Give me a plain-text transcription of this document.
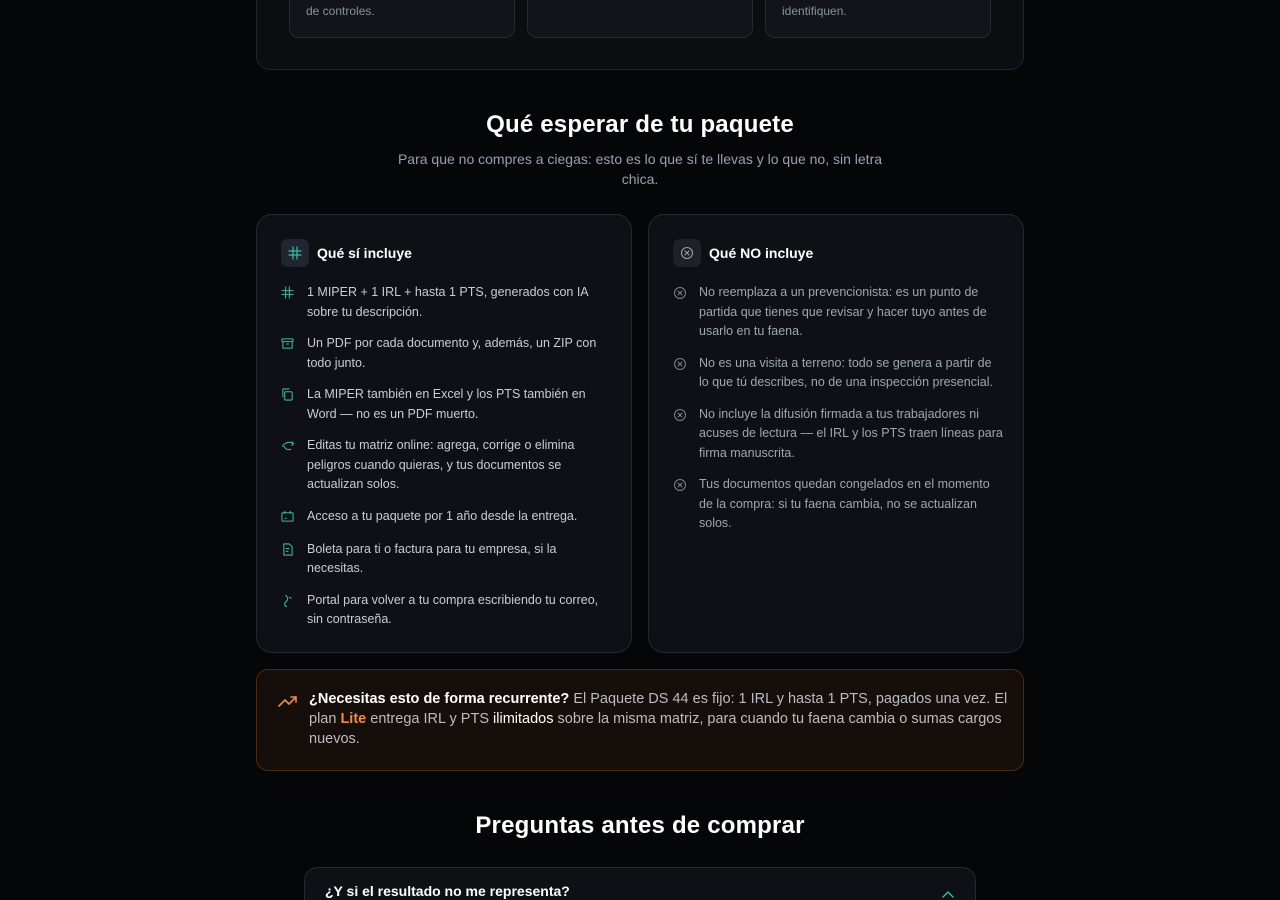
de controles.	identifiquen.
Qué esperar de tu paquete

Para que no compres a ciegas: esto es lo que sí te llevas y lo que no, sin letra chica.

Qué sí incluye
1 MIPER + 1 IRL + hasta 1 PTS, generados con IA sobre tu descripción.
Un PDF por cada documento y, además, un ZIP con todo junto.
La MIPER también en Excel y los PTS también en Word — no es un PDF muerto.
Editas tu matriz online: agrega, corrige o elimina peligros cuando quieras, y tus documentos se actualizan solos.
Acceso a tu paquete por 1 año desde la entrega.
Boleta para ti o factura para tu empresa, si la necesitas.
Portal para volver a tu compra escribiendo tu correo, sin contraseña.
Qué NO incluye
No reemplaza a un prevencionista: es un punto de partida que tienes que revisar y hacer tuyo antes de usarlo en tu faena.
No es una visita a terreno: todo se genera a partir de lo que tú describes, no de una inspección presencial.
No incluye la difusión firmada a tus trabajadores ni acuses de lectura — el IRL y los PTS traen líneas para firma manuscrita.
Tus documentos quedan congelados en el momento de la compra: si tu faena cambia, no se actualizan solos.

¿Necesitas esto de forma recurrente? El Paquete DS 44 es fijo: 1 IRL y hasta 1 PTS, pagados una vez. El plan Lite entrega IRL y PTS ilimitados sobre la misma matriz, para cuando tu faena cambia o sumas cargos nuevos.

Preguntas antes de comprar
¿Y si el resultado no me representa?
